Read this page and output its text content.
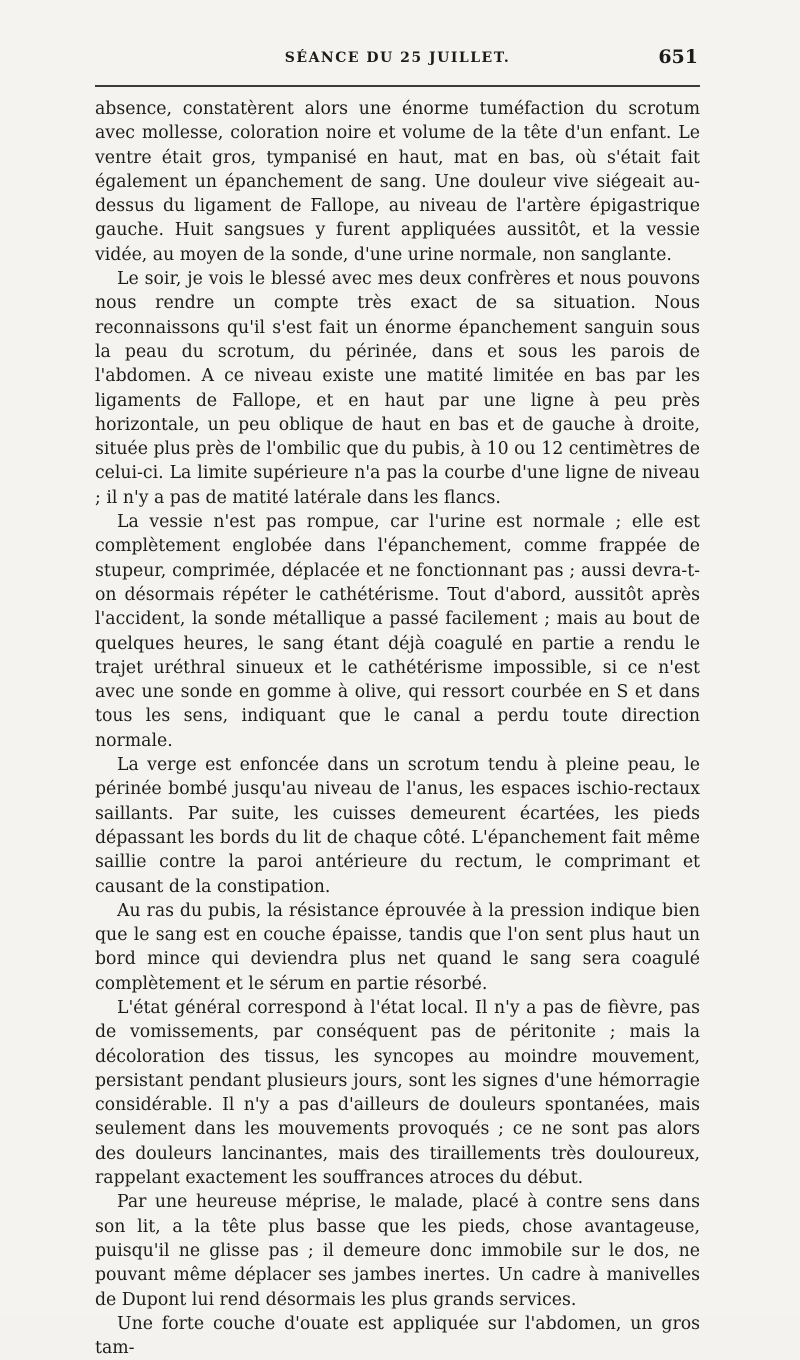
SÉANCE DU 25 JUILLET.	651

absence, constatèrent alors une énorme tuméfaction du scrotum avec mollesse, coloration noire et volume de la tête d'un enfant. Le ventre était gros, tympanisé en haut, mat en bas, où s'était fait également un épanchement de sang. Une douleur vive siégeait au-dessus du ligament de Fallope, au niveau de l'artère épigastrique gauche. Huit sangsues y furent appliquées aussitôt, et la vessie vidée, au moyen de la sonde, d'une urine normale, non sanglante.

Le soir, je vois le blessé avec mes deux confrères et nous pouvons nous rendre un compte très exact de sa situation. Nous reconnaissons qu'il s'est fait un énorme épanchement sanguin sous la peau du scrotum, du périnée, dans et sous les parois de l'abdomen. A ce niveau existe une matité limitée en bas par les ligaments de Fallope, et en haut par une ligne à peu près horizontale, un peu oblique de haut en bas et de gauche à droite, située plus près de l'ombilic que du pubis, à 10 ou 12 centimètres de celui-ci. La limite supérieure n'a pas la courbe d'une ligne de niveau ; il n'y a pas de matité latérale dans les flancs.

La vessie n'est pas rompue, car l'urine est normale ; elle est complètement englobée dans l'épanchement, comme frappée de stupeur, comprimée, déplacée et ne fonctionnant pas ; aussi devra-t-on désormais répéter le cathétérisme. Tout d'abord, aussitôt après l'accident, la sonde métallique a passé facilement ; mais au bout de quelques heures, le sang étant déjà coagulé en partie a rendu le trajet uréthral sinueux et le cathétérisme impossible, si ce n'est avec une sonde en gomme à olive, qui ressort courbée en S et dans tous les sens, indiquant que le canal a perdu toute direction normale.

La verge est enfoncée dans un scrotum tendu à pleine peau, le périnée bombé jusqu'au niveau de l'anus, les espaces ischio-rectaux saillants. Par suite, les cuisses demeurent écartées, les pieds dépassant les bords du lit de chaque côté. L'épanchement fait même saillie contre la paroi antérieure du rectum, le comprimant et causant de la constipation.

Au ras du pubis, la résistance éprouvée à la pression indique bien que le sang est en couche épaisse, tandis que l'on sent plus haut un bord mince qui deviendra plus net quand le sang sera coagulé complètement et le sérum en partie résorbé.

L'état général correspond à l'état local. Il n'y a pas de fièvre, pas de vomissements, par conséquent pas de péritonite ; mais la décoloration des tissus, les syncopes au moindre mouvement, persistant pendant plusieurs jours, sont les signes d'une hémorragie considérable. Il n'y a pas d'ailleurs de douleurs spontanées, mais seulement dans les mouvements provoqués ; ce ne sont pas alors des douleurs lancinantes, mais des tiraillements très douloureux, rappelant exactement les souffrances atroces du début.

Par une heureuse méprise, le malade, placé à contre sens dans son lit, a la tête plus basse que les pieds, chose avantageuse, puisqu'il ne glisse pas ; il demeure donc immobile sur le dos, ne pouvant même déplacer ses jambes inertes. Un cadre à manivelles de Dupont lui rend désormais les plus grands services.

Une forte couche d'ouate est appliquée sur l'abdomen, un gros tam-
